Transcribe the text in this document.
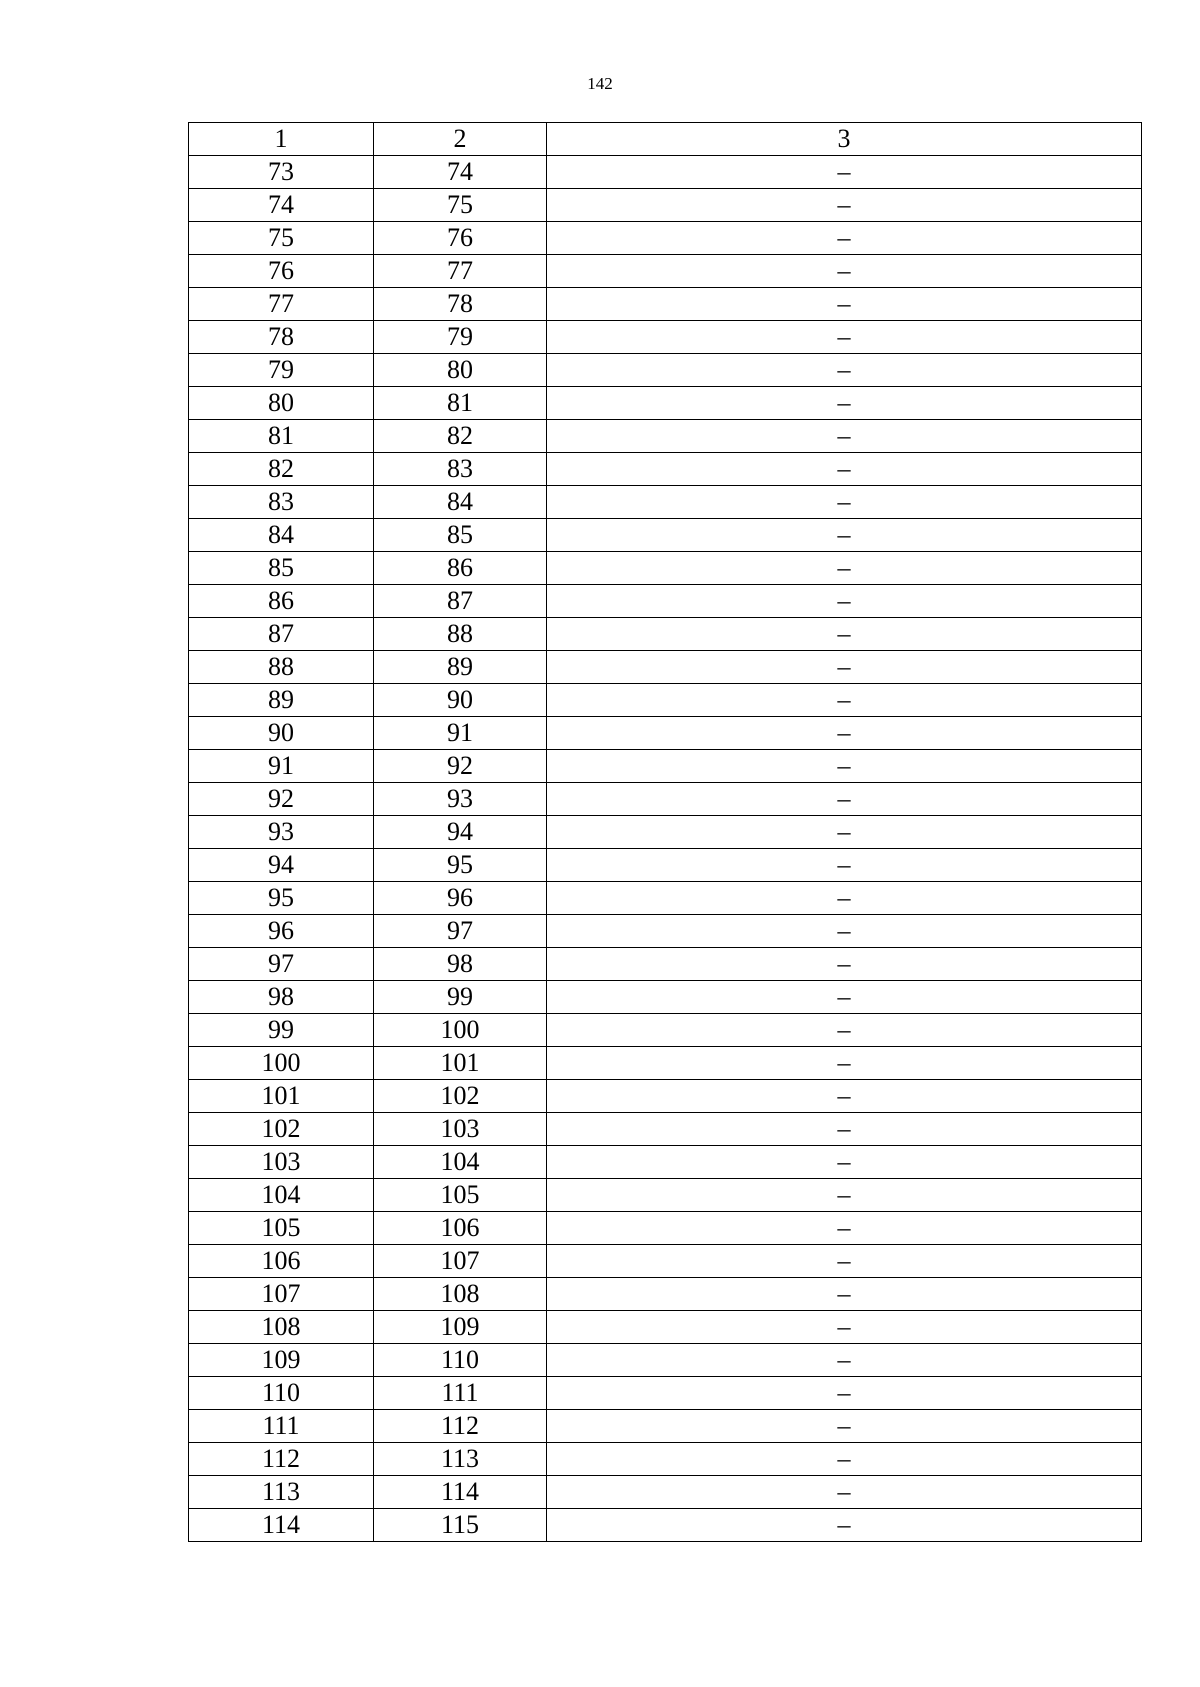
142
1	2	3
73	74	–
74	75	–
75	76	–
76	77	–
77	78	–
78	79	–
79	80	–
80	81	–
81	82	–
82	83	–
83	84	–
84	85	–
85	86	–
86	87	–
87	88	–
88	89	–
89	90	–
90	91	–
91	92	–
92	93	–
93	94	–
94	95	–
95	96	–
96	97	–
97	98	–
98	99	–
99	100	–
100	101	–
101	102	–
102	103	–
103	104	–
104	105	–
105	106	–
106	107	–
107	108	–
108	109	–
109	110	–
110	111	–
111	112	–
112	113	–
113	114	–
114	115	–
